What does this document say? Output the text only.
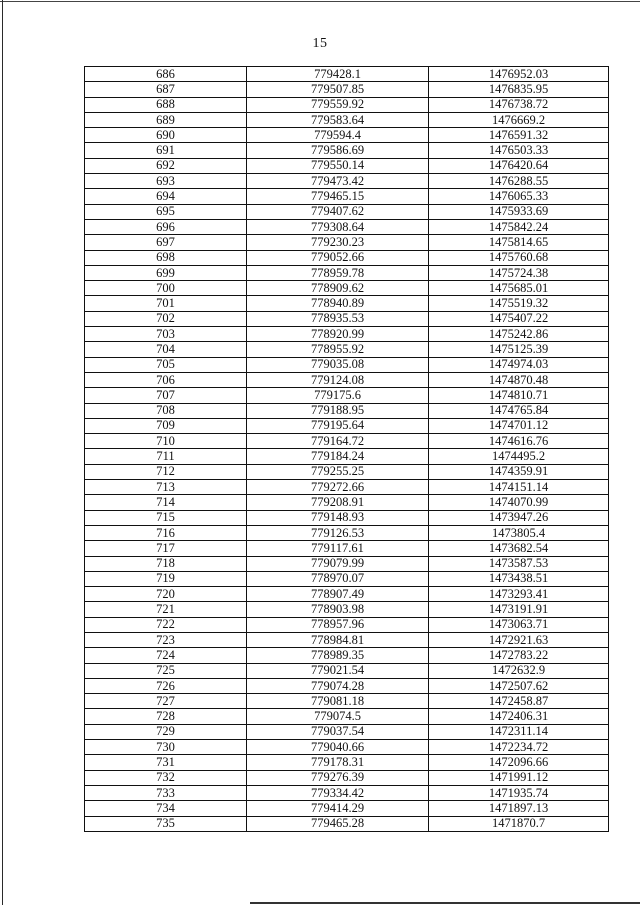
15
686	779428.1	1476952.03
687	779507.85	1476835.95
688	779559.92	1476738.72
689	779583.64	1476669.2
690	779594.4	1476591.32
691	779586.69	1476503.33
692	779550.14	1476420.64
693	779473.42	1476288.55
694	779465.15	1476065.33
695	779407.62	1475933.69
696	779308.64	1475842.24
697	779230.23	1475814.65
698	779052.66	1475760.68
699	778959.78	1475724.38
700	778909.62	1475685.01
701	778940.89	1475519.32
702	778935.53	1475407.22
703	778920.99	1475242.86
704	778955.92	1475125.39
705	779035.08	1474974.03
706	779124.08	1474870.48
707	779175.6	1474810.71
708	779188.95	1474765.84
709	779195.64	1474701.12
710	779164.72	1474616.76
711	779184.24	1474495.2
712	779255.25	1474359.91
713	779272.66	1474151.14
714	779208.91	1474070.99
715	779148.93	1473947.26
716	779126.53	1473805.4
717	779117.61	1473682.54
718	779079.99	1473587.53
719	778970.07	1473438.51
720	778907.49	1473293.41
721	778903.98	1473191.91
722	778957.96	1473063.71
723	778984.81	1472921.63
724	778989.35	1472783.22
725	779021.54	1472632.9
726	779074.28	1472507.62
727	779081.18	1472458.87
728	779074.5	1472406.31
729	779037.54	1472311.14
730	779040.66	1472234.72
731	779178.31	1472096.66
732	779276.39	1471991.12
733	779334.42	1471935.74
734	779414.29	1471897.13
735	779465.28	1471870.7
